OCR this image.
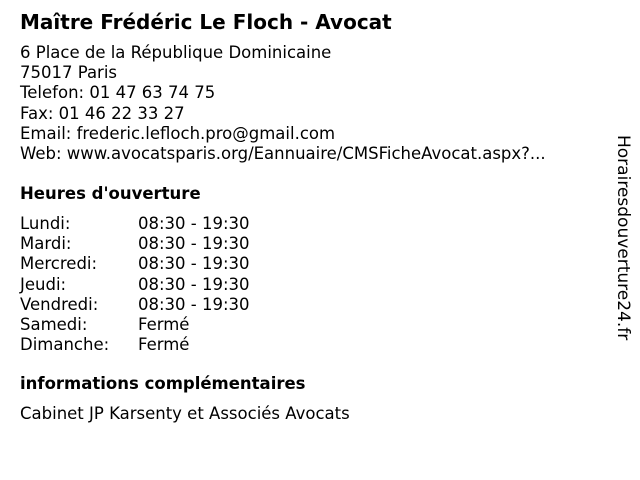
Maître Frédéric Le Floch - Avocat
6 Place de la République Dominicaine
75017 Paris
Telefon: 01 47 63 74 75
Fax: 01 46 22 33 27
Email: frederic.lefloch.pro@gmail.com
Web: www.avocatsparis.org/Eannuaire/CMSFicheAvocat.aspx?...
Heures d'ouverture
Lundi:	08:30 - 19:30
Mardi:	08:30 - 19:30
Mercredi:	08:30 - 19:30
Jeudi:	08:30 - 19:30
Vendredi:	08:30 - 19:30
Samedi:	Fermé
Dimanche:	Fermé
informations complémentaires
Cabinet JP Karsenty et Associés Avocats
Horairesdouverture24.fr
